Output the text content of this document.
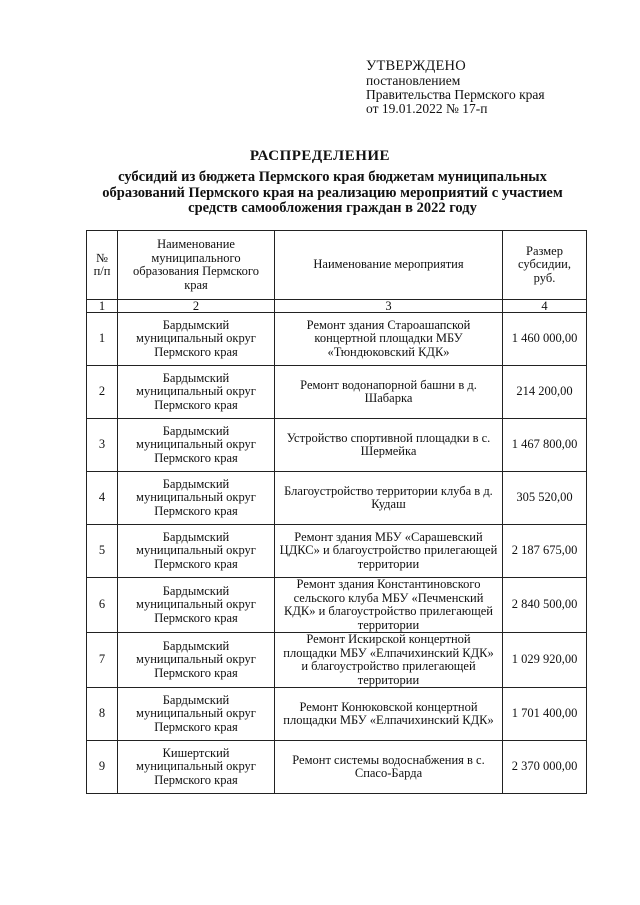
УТВЕРЖДЕНО
постановлением
Правительства Пермского края
от 19.01.2022 № 17-п
РАСПРЕДЕЛЕНИЕ
субсидий из бюджета Пермского края бюджетам муниципальных образований Пермского края на реализацию мероприятий с участием средств самообложения граждан в 2022 году
№ п/п	Наименование муниципального образования Пермского края	Наименование мероприятия	Размер субсидии, руб.
1	2	3	4
1	Бардымский муниципальный округ Пермского края	Ремонт здания Староашапской концертной площадки МБУ «Тюндюковский КДК»	1 460 000,00
2	Бардымский муниципальный округ Пермского края	Ремонт водонапорной башни в д. Шабарка	214 200,00
3	Бардымский муниципальный округ Пермского края	Устройство спортивной площадки в с. Шермейка	1 467 800,00
4	Бардымский муниципальный округ Пермского края	Благоустройство территории клуба в д. Кудаш	305 520,00
5	Бардымский муниципальный округ Пермского края	Ремонт здания МБУ «Сарашевский ЦДКС» и благоустройство прилегающей территории	2 187 675,00
6	Бардымский муниципальный округ Пермского края	Ремонт здания Константиновского сельского клуба МБУ «Печменский КДК» и благоустройство прилегающей территории	2 840 500,00
7	Бардымский муниципальный округ Пермского края	Ремонт Искирской концертной площадки МБУ «Елпачихинский КДК» и благоустройство прилегающей территории	1 029 920,00
8	Бардымский муниципальный округ Пермского края	Ремонт Конюковской концертной площадки МБУ «Елпачихинский КДК»	1 701 400,00
9	Кишертский муниципальный округ Пермского края	Ремонт системы водоснабжения в с. Спасо-Барда	2 370 000,00
